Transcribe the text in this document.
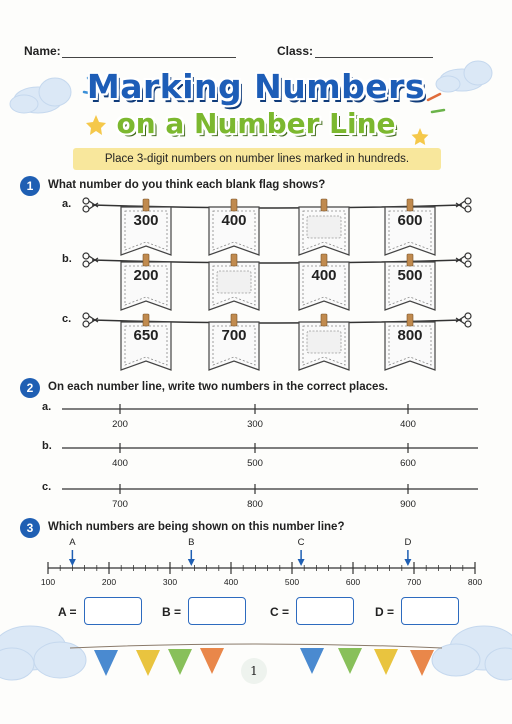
Name:	Class:
Marking Numbers
on a Number Line
Place 3-digit numbers on number lines marked in hundreds.
1	What number do you think each blank flag shows?
a.
300	400	600
b.
200	400	500
c.
650	700	800
2	On each number line, write two numbers in the correct places.
a.
200	300	400
b.
400	500	600
c.
700	800	900
3	Which numbers are being shown on this number line?
100	200	300	400	500	600	700	800
A	B	C	D
A =	B =	C =	D =
1
